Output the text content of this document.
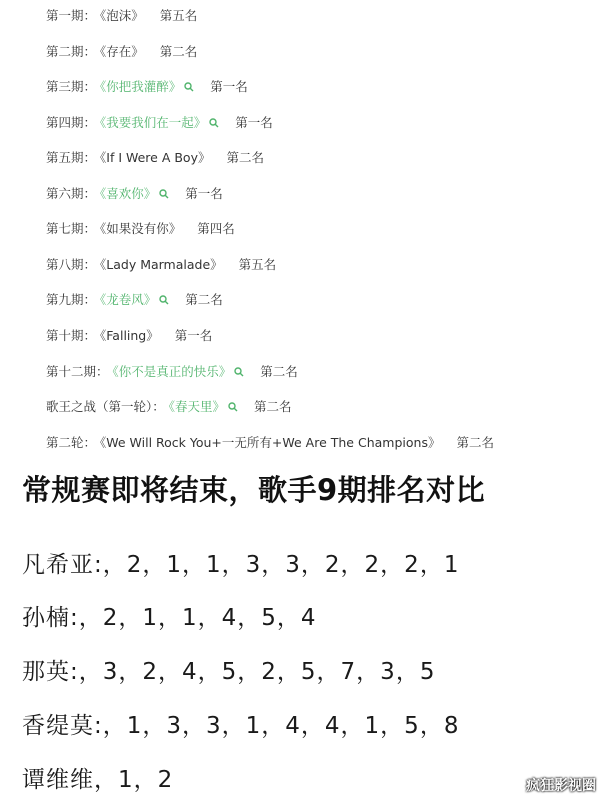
第一期： 《泡沫》 第五名
第二期： 《存在》 第二名
第三期： 《你把我灌醉》 第一名
第四期： 《我要我们在一起》 第一名
第五期： 《If I Were A Boy》 第二名
第六期： 《喜欢你》 第一名
第七期： 《如果没有你》 第四名
第八期： 《Lady Marmalade》 第五名
第九期： 《龙卷风》 第二名
第十期： 《Falling》 第一名
第十二期： 《你不是真正的快乐》 第二名
歌王之战（第一轮）： 《春天里》 第二名
第二轮： 《We Will Rock You+一无所有+We Are The Champions》 第二名
常规赛即将结束，歌手9期排名对比
凡希亚:，2，1，1，3，3，2，2，2，1
孙楠:，2，1，1，4，5，4
那英:，3，2，4，5，2，5，7，3，5
香缇莫:，1，3，3，1，4，4，1，5，8
谭维维，1，2	疯狂影视圈
